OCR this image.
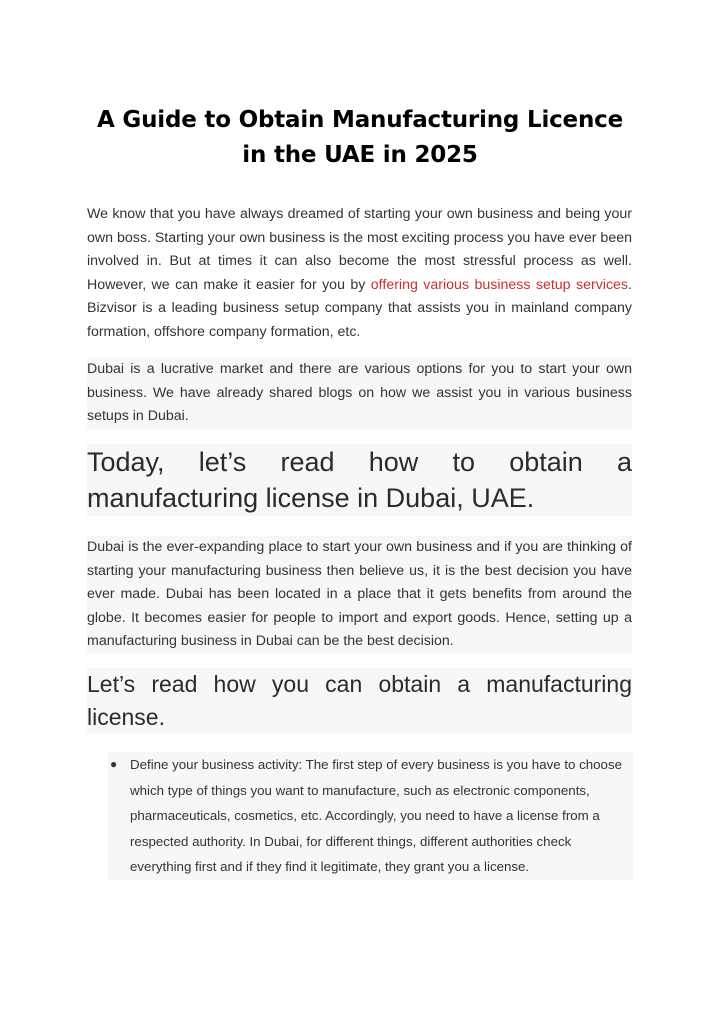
A Guide to Obtain Manufacturing Licence in the UAE in 2025

We know that you have always dreamed of starting your own business and being your own boss. Starting your own business is the most exciting process you have ever been involved in. But at times it can also become the most stressful process as well. However, we can make it easier for you by offering various business setup services. Bizvisor is a leading business setup company that assists you in mainland company formation, offshore company formation, etc.

Dubai is a lucrative market and there are various options for you to start your own business. We have already shared blogs on how we assist you in various business setups in Dubai.

Today, let’s read how to obtain a
manufacturing license in Dubai, UAE.

Dubai is the ever-expanding place to start your own business and if you are thinking of starting your manufacturing business then believe us, it is the best decision you have ever made. Dubai has been located in a place that it gets benefits from around the globe. It becomes easier for people to import and export goods. Hence, setting up a manufacturing business in Dubai can be the best decision.

Let’s read how you can obtain a manufacturing
license.
● Define your business activity: The first step of every business is you have to choose which type of things you want to manufacture, such as electronic components, pharmaceuticals, cosmetics, etc. Accordingly, you need to have a license from a respected authority. In Dubai, for different things, different authorities check everything first and if they find it legitimate, they grant you a license.
